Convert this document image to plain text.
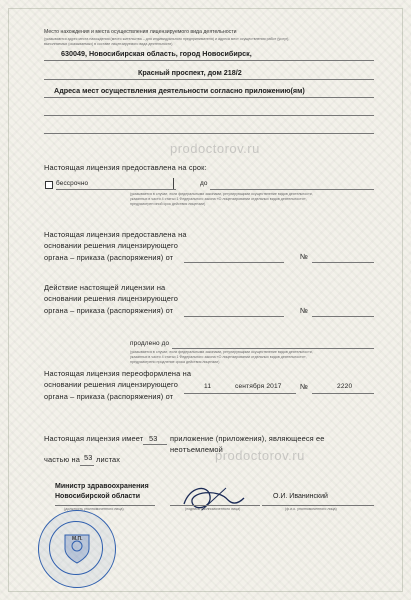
Место нахождения и места осуществления лицензируемого вида деятельности
(указываются адрес места нахождения (место жительства – для индивидуального предпринимателя) и адреса мест осуществления работ (услуг),
выполняемых (оказываемых) в составе лицензируемого вида деятельности)
630049, Новосибирская область, город Новосибирск,
Красный проспект, дом 218/2
Адреса мест осуществления деятельности согласно приложению(ям)
prodoctorov.ru
Настоящая лицензия предоставлена на срок:
бессрочно	до
(указывается в случае, если федеральными законами, регулирующими осуществление видов деятельности,
указанных в части 4 статьи 1 Федерального закона «О лицензировании отдельных видов деятельности»,
предусмотрен иной срок действия лицензии)
Настоящая лицензия предоставлена на
основании решения лицензирующего
органа – приказа (распоряжения) от	№
Действие настоящей лицензии на
основании решения лицензирующего
органа – приказа (распоряжения) от	№
продлено до
(указывается в случае, если федеральными законами, регулирующими осуществление видов деятельности,
указанных в части 4 статьи 1 Федерального закона «О лицензировании отдельных видов деятельности»,
предусмотрено продление срока действия лицензии)
Настоящая лицензия переоформлена на
основании решения лицензирующего
органа – приказа (распоряжения) от
11	сентября 2017 №	2220
Настоящая лицензия имеет 53 приложение (приложения), являющееся ее неотъемлемой
частью на 53 листах	prodoctorov.ru
Министр здравоохранения
Новосибирской области
(должность уполномоченного лица)	(подпись уполномоченного лица)
О.И. Иванинский
(ф.и.о. уполномоченного лица)
М.П.
